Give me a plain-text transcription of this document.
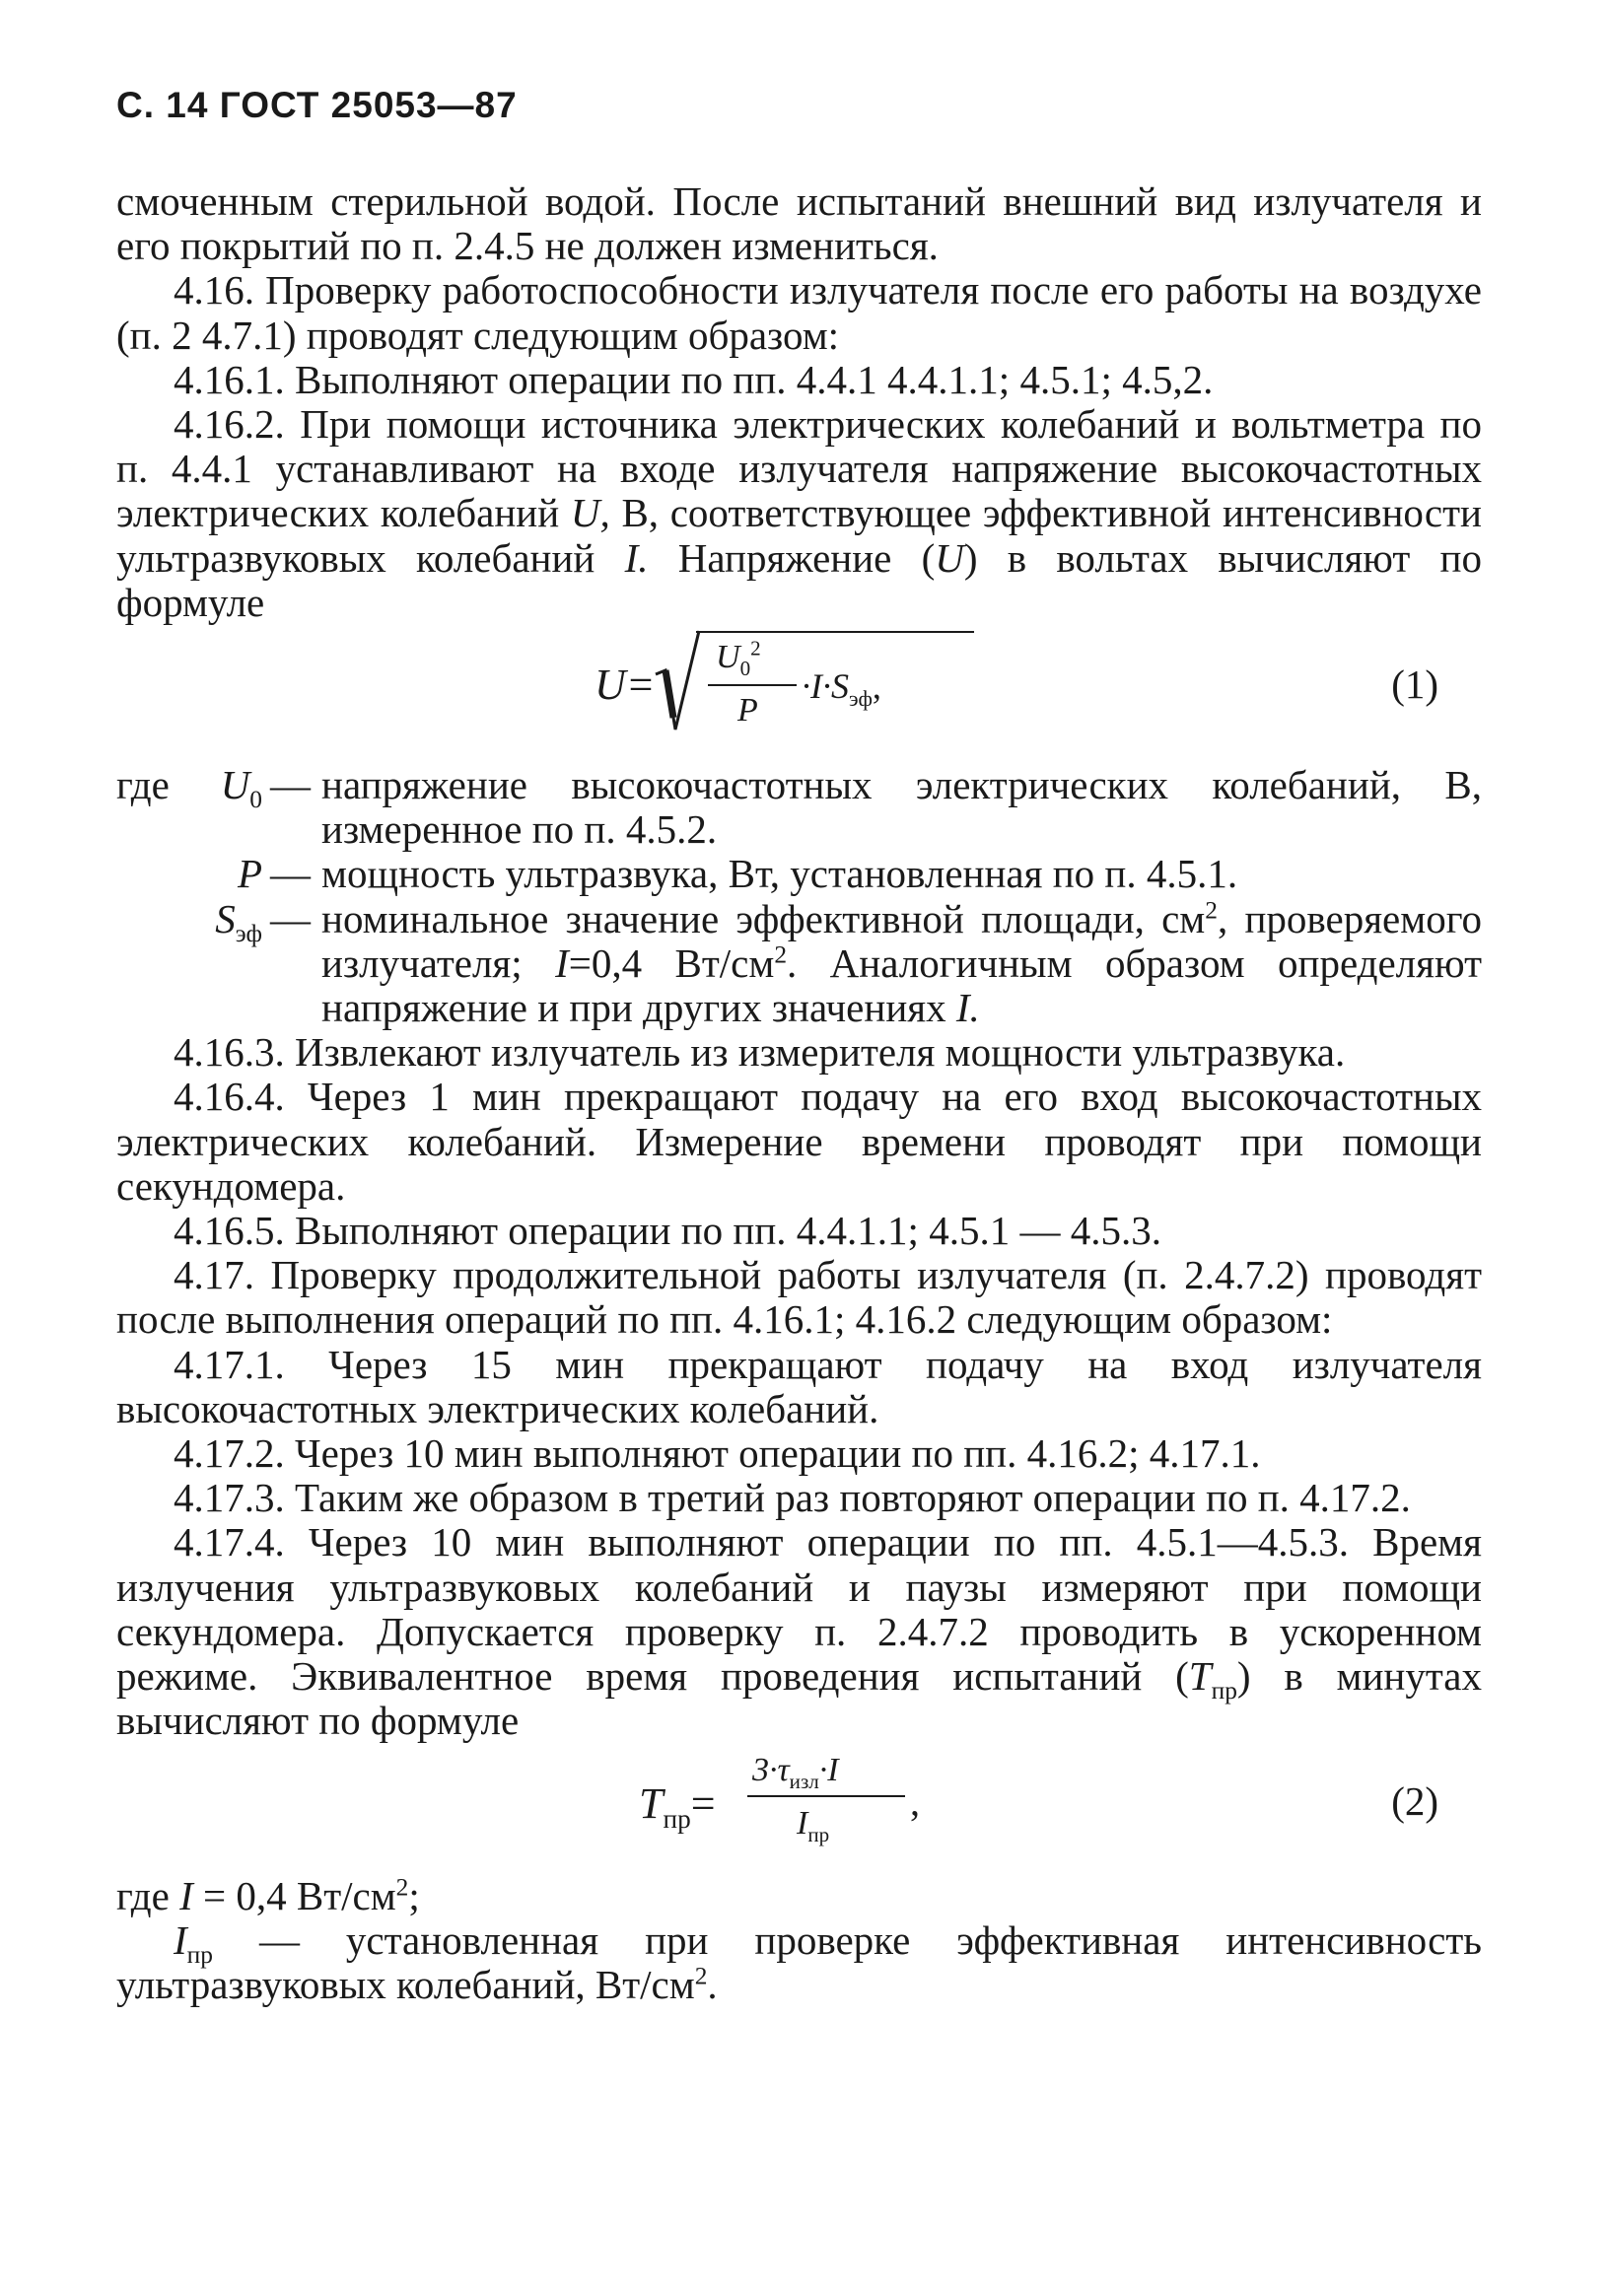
С. 14 ГОСТ 25053—87

смоченным стерильной водой. После испытаний внешний вид излучателя и его покрытий по п. 2.4.5 не должен измениться.

4.16. Проверку работоспособности излучателя после его работы на воздухе (п. 2 4.7.1) проводят следующим образом:

4.16.1. Выполняют операции по пп. 4.4.1 4.4.1.1; 4.5.1; 4.5,2.

4.16.2. При помощи источника электрических колебаний и вольтметра по п. 4.4.1 устанавливают на входе излучателя напряжение высокочастотных электрических колебаний U, В, соответствующее эффективной интенсивности ультразвуковых колебаний I. Напряжение (U) в вольтах вычисляют по формуле

U=
$U_0^2$
P
$\cdot I\cdot S_{эф}$,	(1)
где	$U_0$ — напряжение высокочастотных электрических колебаний, В, измеренное по п. 4.5.2.
P — мощность ультразвука, Вт, установленная по п. 4.5.1.
$S_{эф}$ — номинальное значение эффективной площади, $см^2$, проверяемого излучателя; I=0,4 $Вт/см^2$. Аналогичным образом определяют напряжение и при других значениях I.

4.16.3. Извлекают излучатель из измерителя мощности ультразвука.

4.16.4. Через 1 мин прекращают подачу на его вход высокочастотных электрических колебаний. Измерение времени проводят при помощи секундомера.

4.16.5. Выполняют операции по пп. 4.4.1.1; 4.5.1 — 4.5.3.

4.17. Проверку продолжительной работы излучателя (п. 2.4.7.2) проводят после выполнения операций по пп. 4.16.1; 4.16.2 следующим образом:

4.17.1. Через 15 мин прекращают подачу на вход излучателя высокочастотных электрических колебаний.

4.17.2. Через 10 мин выполняют операции по пп. 4.16.2; 4.17.1.

4.17.3. Таким же образом в третий раз повторяют операции по п. 4.17.2.

4.17.4. Через 10 мин выполняют операции по пп. 4.5.1—4.5.3. Время излучения ультразвуковых колебаний и паузы измеряют при помощи секундомера. Допускается проверку п. 2.4.7.2 проводить в ускоренном режиме. Эквивалентное время проведения испытаний $(T_{пр})$ в минутах вычисляют по формуле

$T_{пр}=$
$3\cdot\tau_{изл}\cdot I$
$I_{пр}$
,	(2)
где I = 0,4 $Вт/см^2$;
$I_{пр}$ — установленная при проверке эффективная интенсивность ультразвуковых колебаний, $Вт/см^2$.
